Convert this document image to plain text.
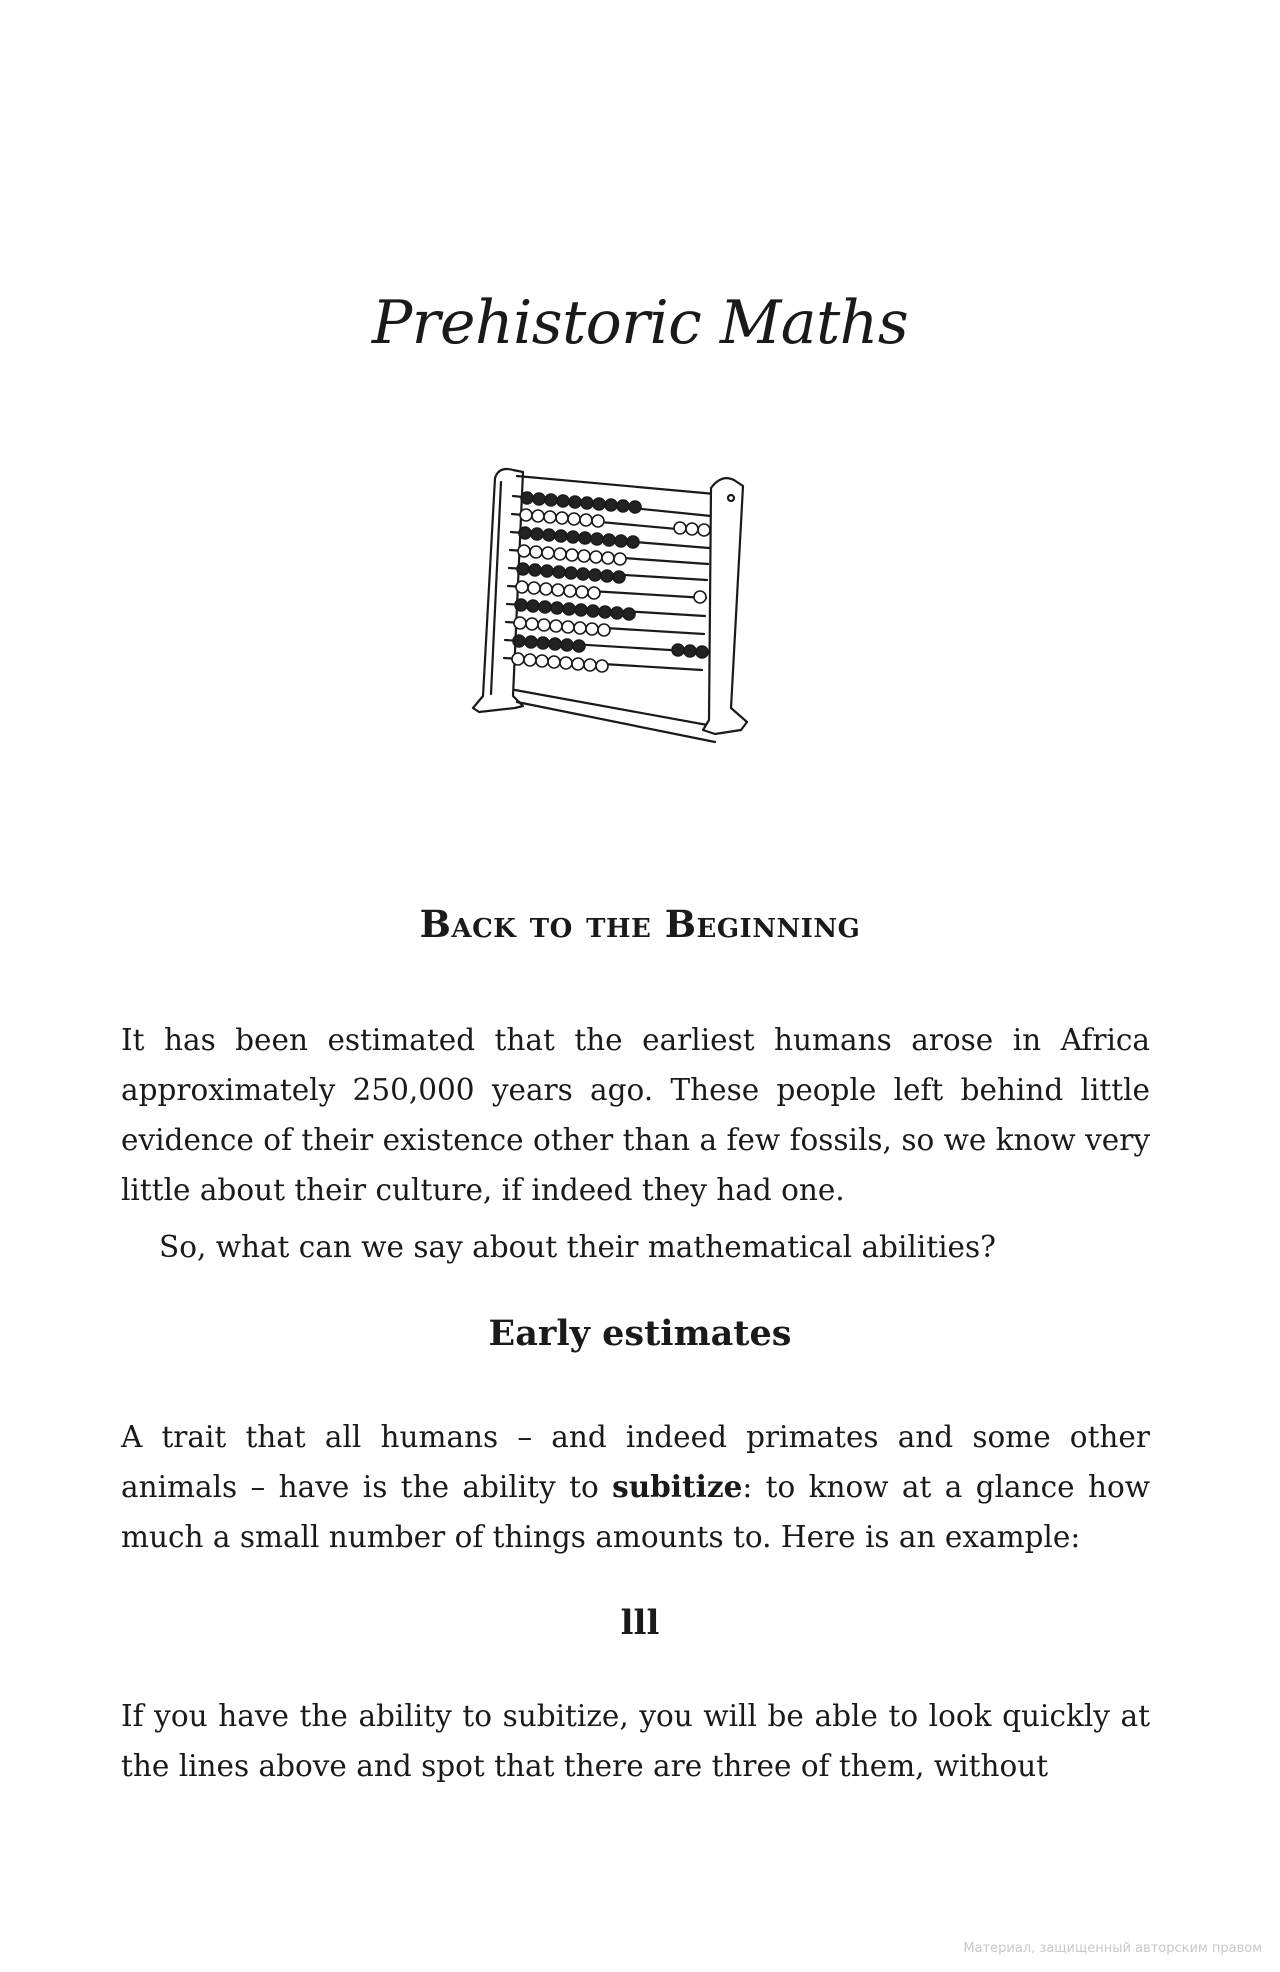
Prehistoric Maths
Back to the Beginning

It has been estimated that the earliest humans arose in Africa approximately 250,000 years ago. These people left behind little evidence of their existence other than a few fossils, so we know very little about their culture, if indeed they had one.

So, what can we say about their mathematical abilities?

Early estimates

A trait that all humans – and indeed primates and some other animals – have is the ability to subitize: to know at a glance how much a small number of things amounts to. Here is an example:

lll

If you have the ability to subitize, you will be able to look quickly at the lines above and spot that there are three of them, without

Материал, защищенный авторским правом
